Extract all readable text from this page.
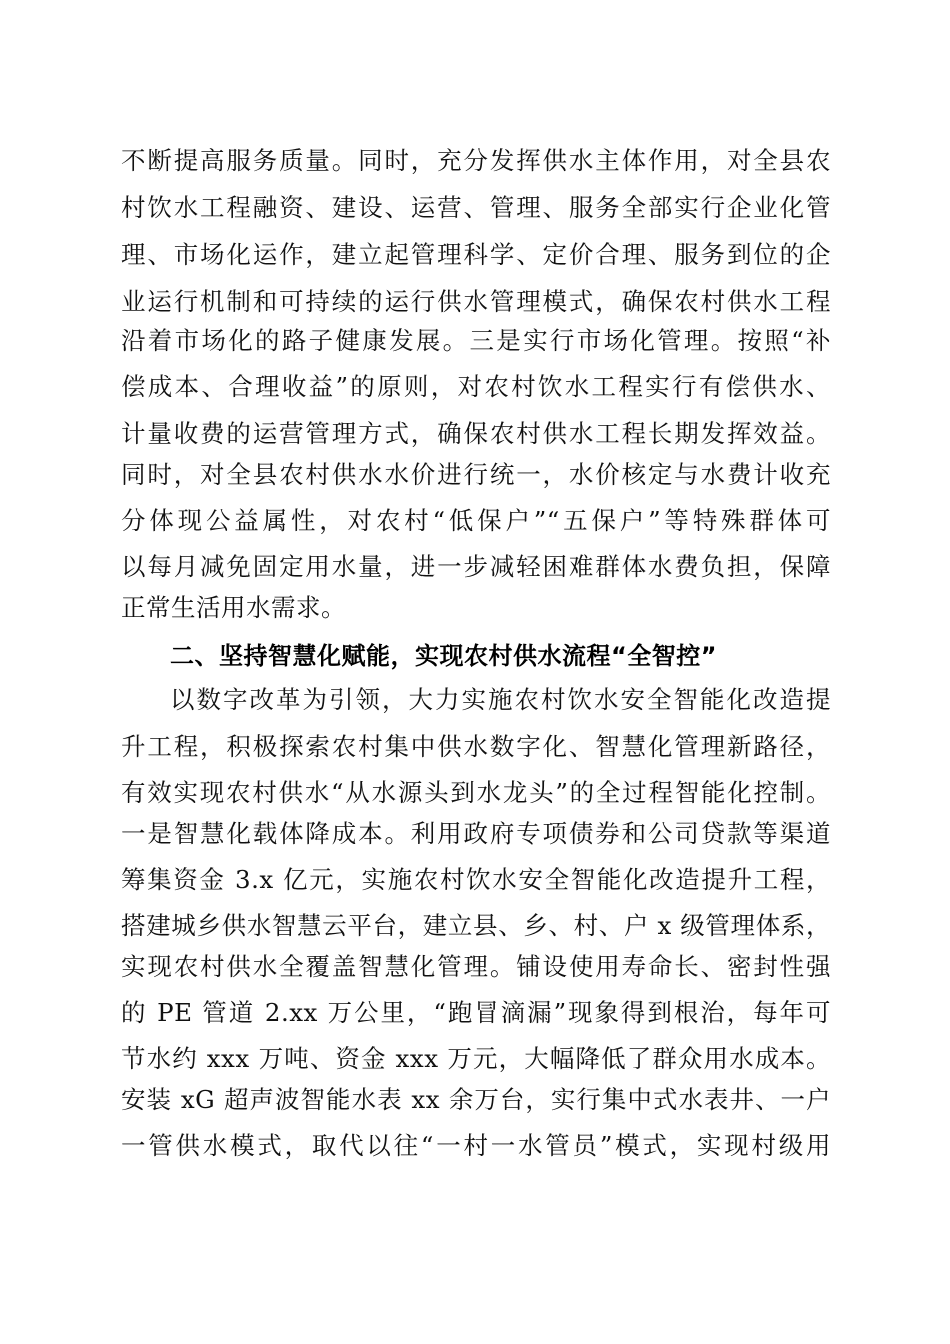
不断提高服务质量。同时，充分发挥供水主体作用，对全县农
村饮水工程融资、建设、运营、管理、服务全部实行企业化管
理、市场化运作，建立起管理科学、定价合理、服务到位的企
业运行机制和可持续的运行供水管理模式，确保农村供水工程
沿着市场化的路子健康发展。三是实行市场化管理。按照“补
偿成本、合理收益”的原则，对农村饮水工程实行有偿供水、
计量收费的运营管理方式，确保农村供水工程长期发挥效益。
同时，对全县农村供水水价进行统一，水价核定与水费计收充
分体现公益属性，对农村“低保户”“五保户”等特殊群体可
以每月减免固定用水量，进一步减轻困难群体水费负担，保障
正常生活用水需求。
二、坚持智慧化赋能，实现农村供水流程“全智控”
以数字改革为引领，大力实施农村饮水安全智能化改造提
升工程，积极探索农村集中供水数字化、智慧化管理新路径，
有效实现农村供水“从水源头到水龙头”的全过程智能化控制。
一是智慧化载体降成本。利用政府专项债券和公司贷款等渠道
筹集资金 3.x 亿元，实施农村饮水安全智能化改造提升工程，
搭建城乡供水智慧云平台，建立县、乡、村、户 x 级管理体系，
实现农村供水全覆盖智慧化管理。铺设使用寿命长、密封性强
的 PE 管道 2.xx 万公里，“跑冒滴漏”现象得到根治，每年可
节水约 xxx 万吨、资金 xxx 万元，大幅降低了群众用水成本。
安装 xG 超声波智能水表 xx 余万台，实行集中式水表井、一户
一管供水模式，取代以往“一村一水管员”模式，实现村级用
